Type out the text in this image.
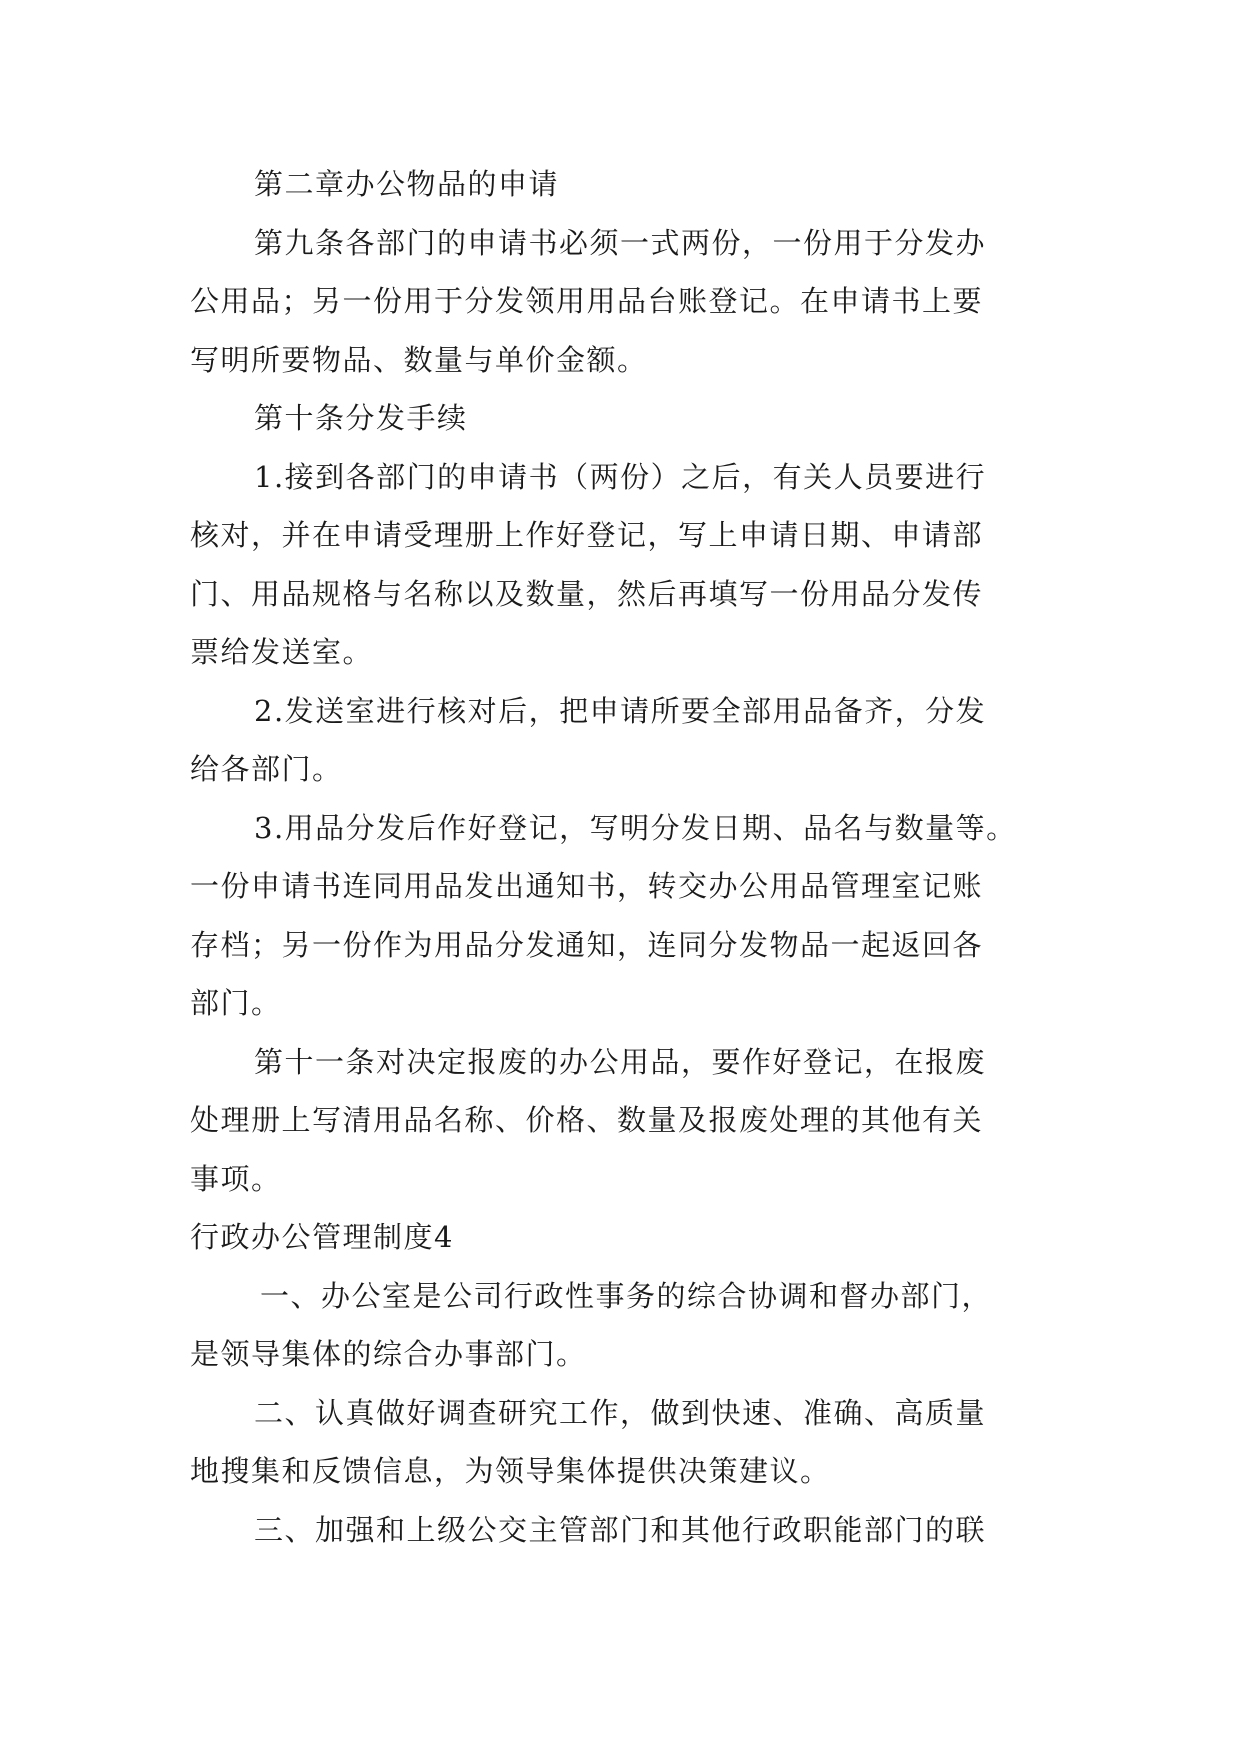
第二章办公物品的申请
第九条各部门的申请书必须一式两份，一份用于分发办
公用品；另一份用于分发领用用品台账登记。在申请书上要
写明所要物品、数量与单价金额。
第十条分发手续
1.接到各部门的申请书（两份）之后，有关人员要进行
核对，并在申请受理册上作好登记，写上申请日期、申请部
门、用品规格与名称以及数量，然后再填写一份用品分发传
票给发送室。
2.发送室进行核对后，把申请所要全部用品备齐，分发
给各部门。
3.用品分发后作好登记，写明分发日期、品名与数量等。
一份申请书连同用品发出通知书，转交办公用品管理室记账
存档；另一份作为用品分发通知，连同分发物品一起返回各
部门。
第十一条对决定报废的办公用品，要作好登记，在报废
处理册上写清用品名称、价格、数量及报废处理的其他有关
事项。
行政办公管理制度4
一、办公室是公司行政性事务的综合协调和督办部门，
是领导集体的综合办事部门。
二、认真做好调查研究工作，做到快速、准确、高质量
地搜集和反馈信息，为领导集体提供决策建议。
三、加强和上级公交主管部门和其他行政职能部门的联
